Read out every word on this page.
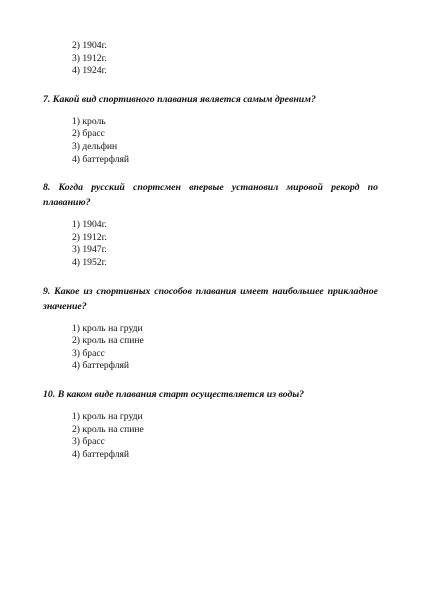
2) 1904г.
3) 1912г.
4) 1924г.

7. Какой вид спортивного плавания является самым древним?

1) кроль
2) брасс
3) дельфин
4) баттерфляй

8. Когда русский спортсмен впервые установил мировой рекорд по плаванию?

1) 1904г.
2) 1912г.
3) 1947г.
4) 1952г.

9. Какое из спортивных способов плавания имеет наибольшее прикладное значение?

1) кроль на груди
2) кроль на спине
3) брасс
4) баттерфляй

10. В каком виде плавания старт осуществляется из воды?

1) кроль на груди
2) кроль на спине
3) брасс
4) баттерфляй
